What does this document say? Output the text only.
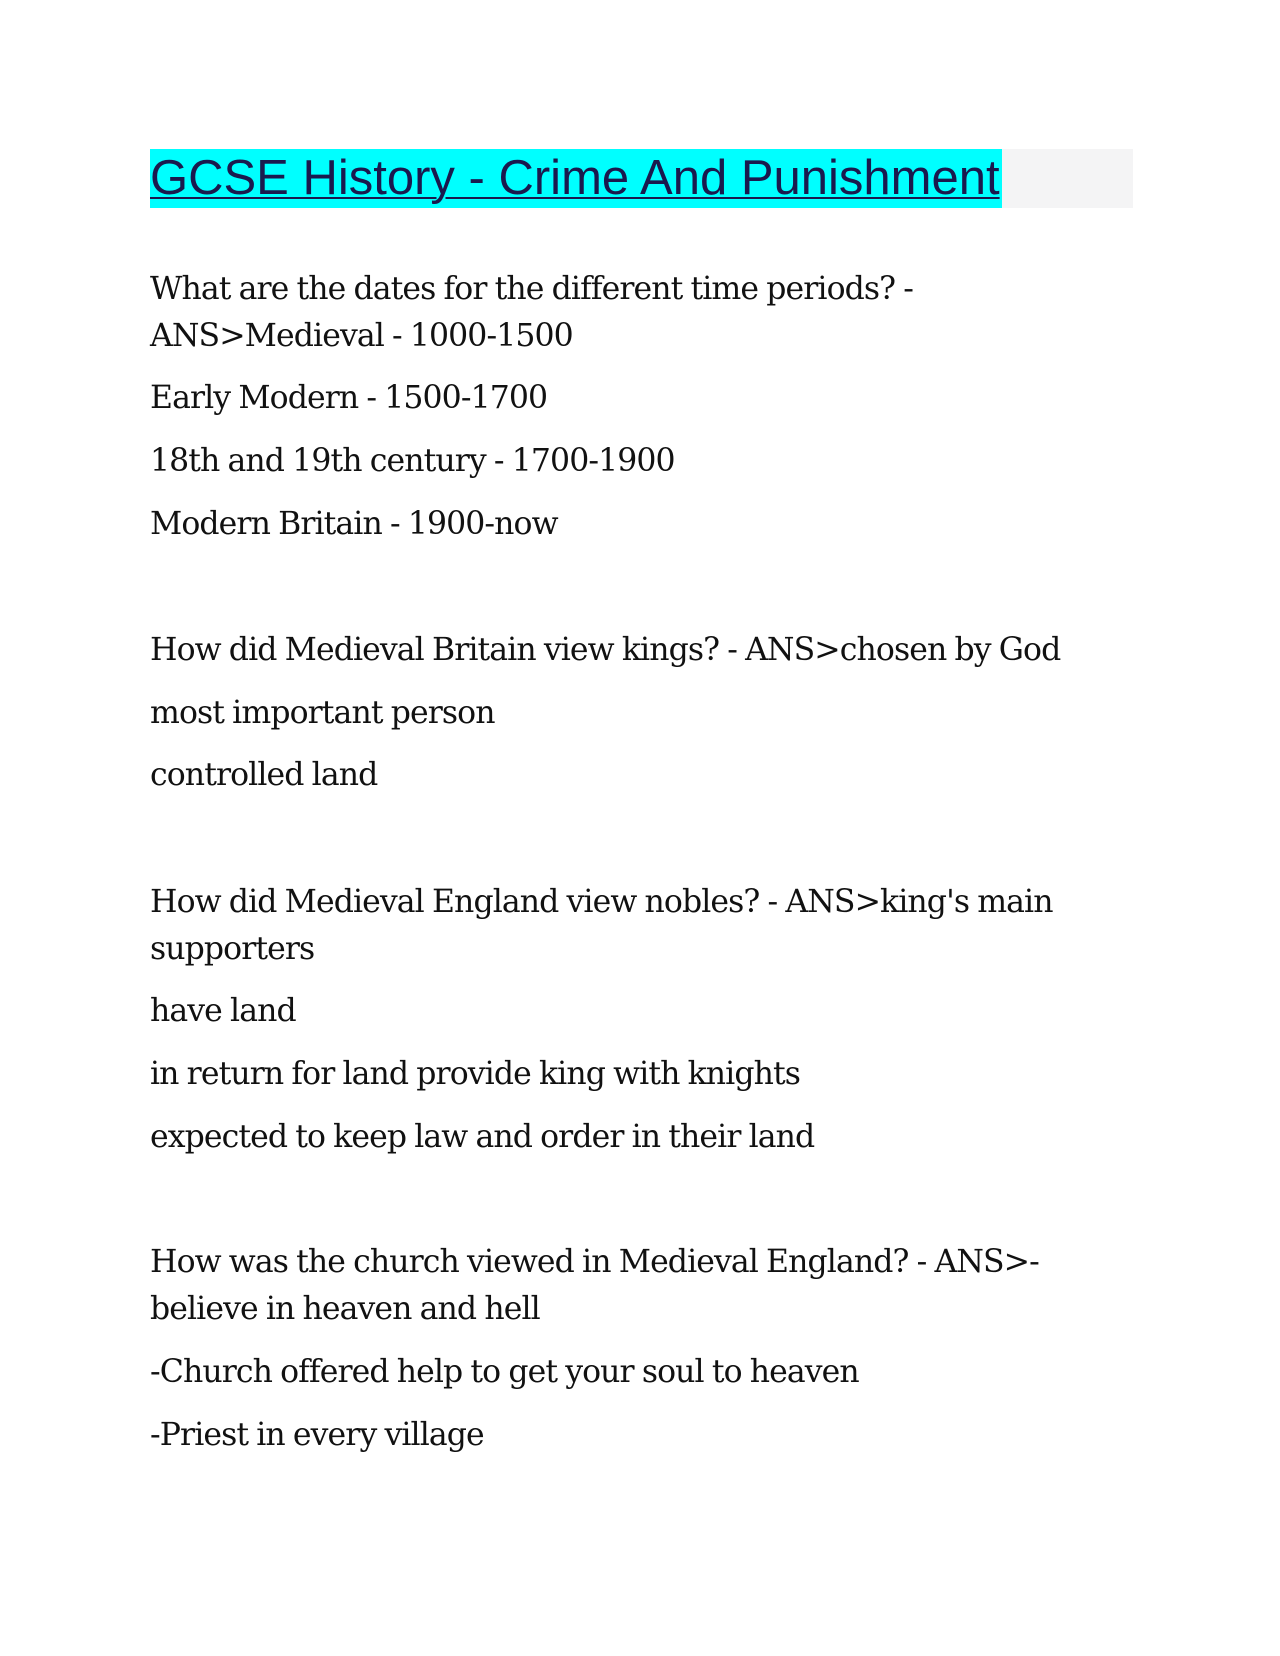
GCSE History - Crime And Punishment
What are the dates for the different time periods? -
ANS>Medieval - 1000-1500
Early Modern - 1500-1700
18th and 19th century - 1700-1900
Modern Britain - 1900-now
How did Medieval Britain view kings? - ANS>chosen by God
most important person
controlled land
How did Medieval England view nobles? - ANS>king's main
supporters
have land
in return for land provide king with knights
expected to keep law and order in their land
How was the church viewed in Medieval England? - ANS>-
believe in heaven and hell
-Church offered help to get your soul to heaven
-Priest in every village
